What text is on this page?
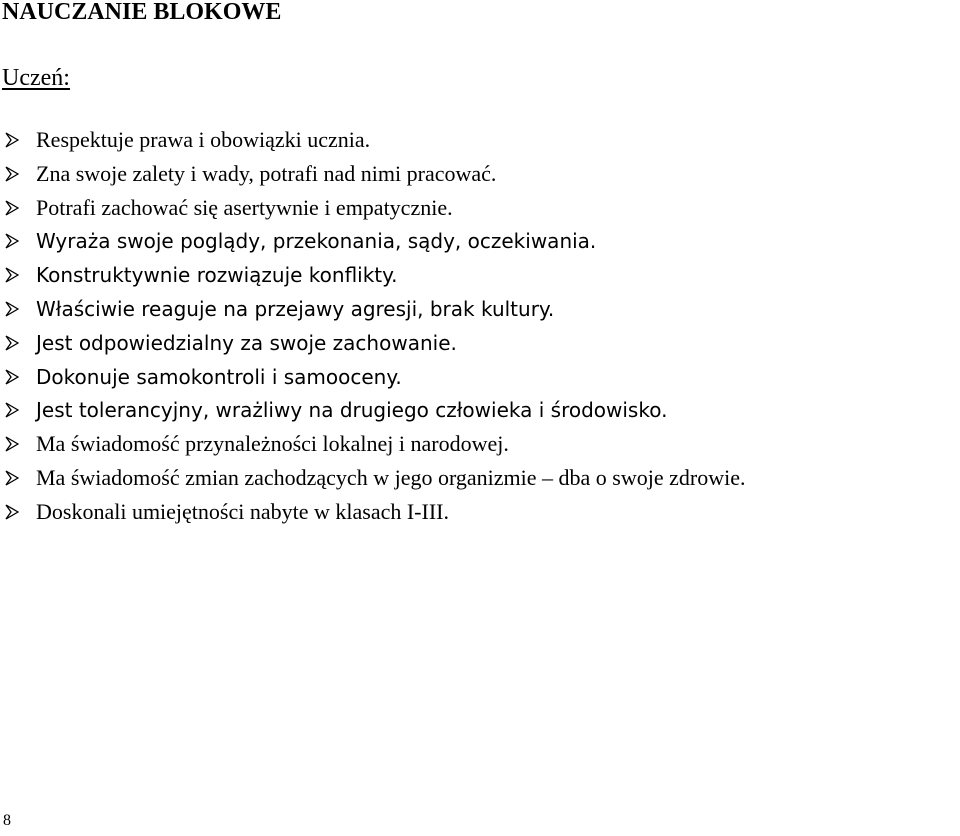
NAUCZANIE BLOKOWE
Uczeń:
Respektuje prawa i obowiązki ucznia.
Zna swoje zalety i wady, potrafi nad nimi pracować.
Potrafi zachować się asertywnie i empatycznie.
Wyraża swoje poglądy, przekonania, sądy, oczekiwania.
Konstruktywnie rozwiązuje konflikty.
Właściwie reaguje na przejawy agresji, brak kultury.
Jest odpowiedzialny za swoje zachowanie.
Dokonuje samokontroli i samooceny.
Jest tolerancyjny, wrażliwy na drugiego człowieka i środowisko.
Ma świadomość przynależności lokalnej i narodowej.
Ma świadomość zmian zachodzących w jego organizmie – dba o swoje zdrowie.
Doskonali umiejętności nabyte w klasach I-III.
8
